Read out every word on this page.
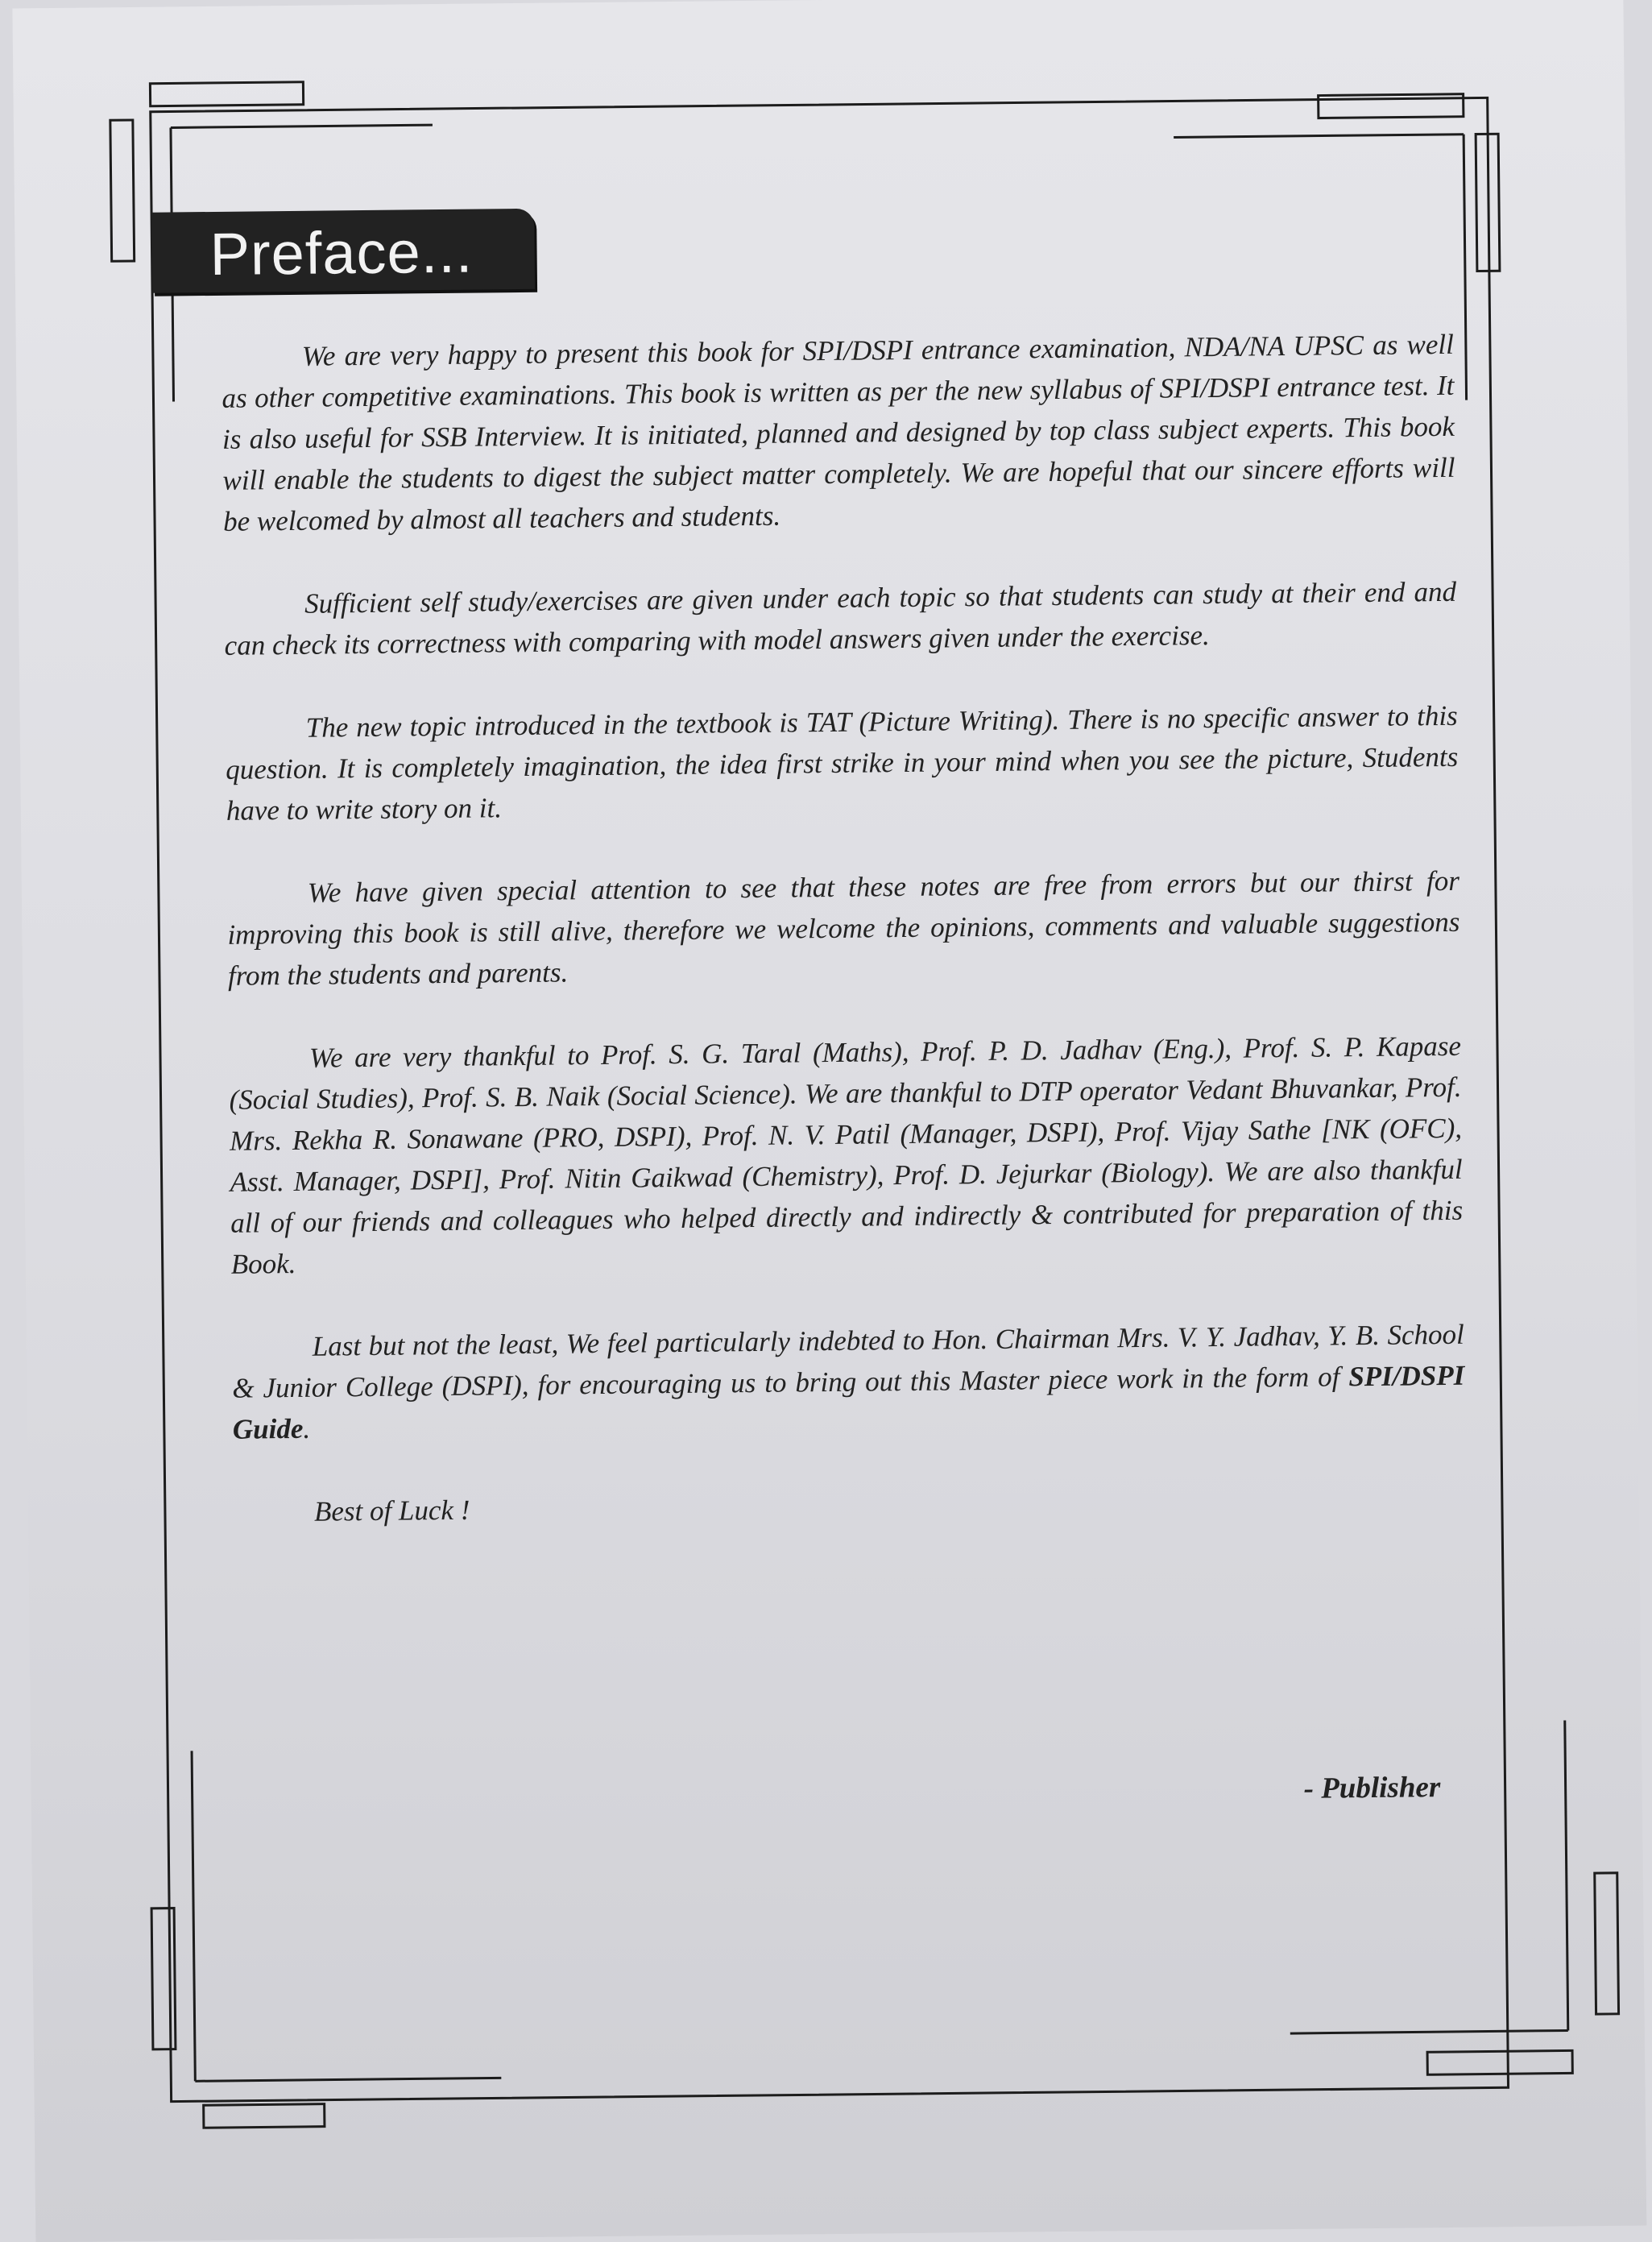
Preface...

We are very happy to present this book for SPI/DSPI entrance examination, NDA/NA UPSC as well as other competitive examinations. This book is written as per the new syllabus of SPI/DSPI entrance test. It is also useful for SSB Interview. It is initiated, planned and designed by top class subject experts. This book will enable the students to digest the subject matter completely. We are hopeful that our sincere efforts will be welcomed by almost all teachers and students.

Sufficient self study/exercises are given under each topic so that students can study at their end and can check its correctness with comparing with model answers given under the exercise.

The new topic introduced in the textbook is TAT (Picture Writing). There is no specific answer to this question. It is completely imagination, the idea first strike in your mind when you see the picture, Students have to write story on it.

We have given special attention to see that these notes are free from errors but our thirst for improving this book is still alive, therefore we welcome the opinions, comments and valuable suggestions from the students and parents.

We are very thankful to Prof. S. G. Taral (Maths), Prof. P. D. Jadhav (Eng.), Prof. S. P. Kapase (Social Studies), Prof. S. B. Naik (Social Science). We are thankful to DTP operator Vedant Bhuvankar, Prof. Mrs. Rekha R. Sonawane (PRO, DSPI), Prof. N. V. Patil (Manager, DSPI), Prof. Vijay Sathe [NK (OFC), Asst. Manager, DSPI], Prof. Nitin Gaikwad (Chemistry), Prof. D. Jejurkar (Biology). We are also thankful all of our friends and colleagues who helped directly and indirectly & contributed for preparation of this Book.

Last but not the least, We feel particularly indebted to Hon. Chairman Mrs. V. Y. Jadhav, Y. B. School & Junior College (DSPI), for encouraging us to bring out this Master piece work in the form of SPI/DSPI Guide.

Best of Luck !

- Publisher
